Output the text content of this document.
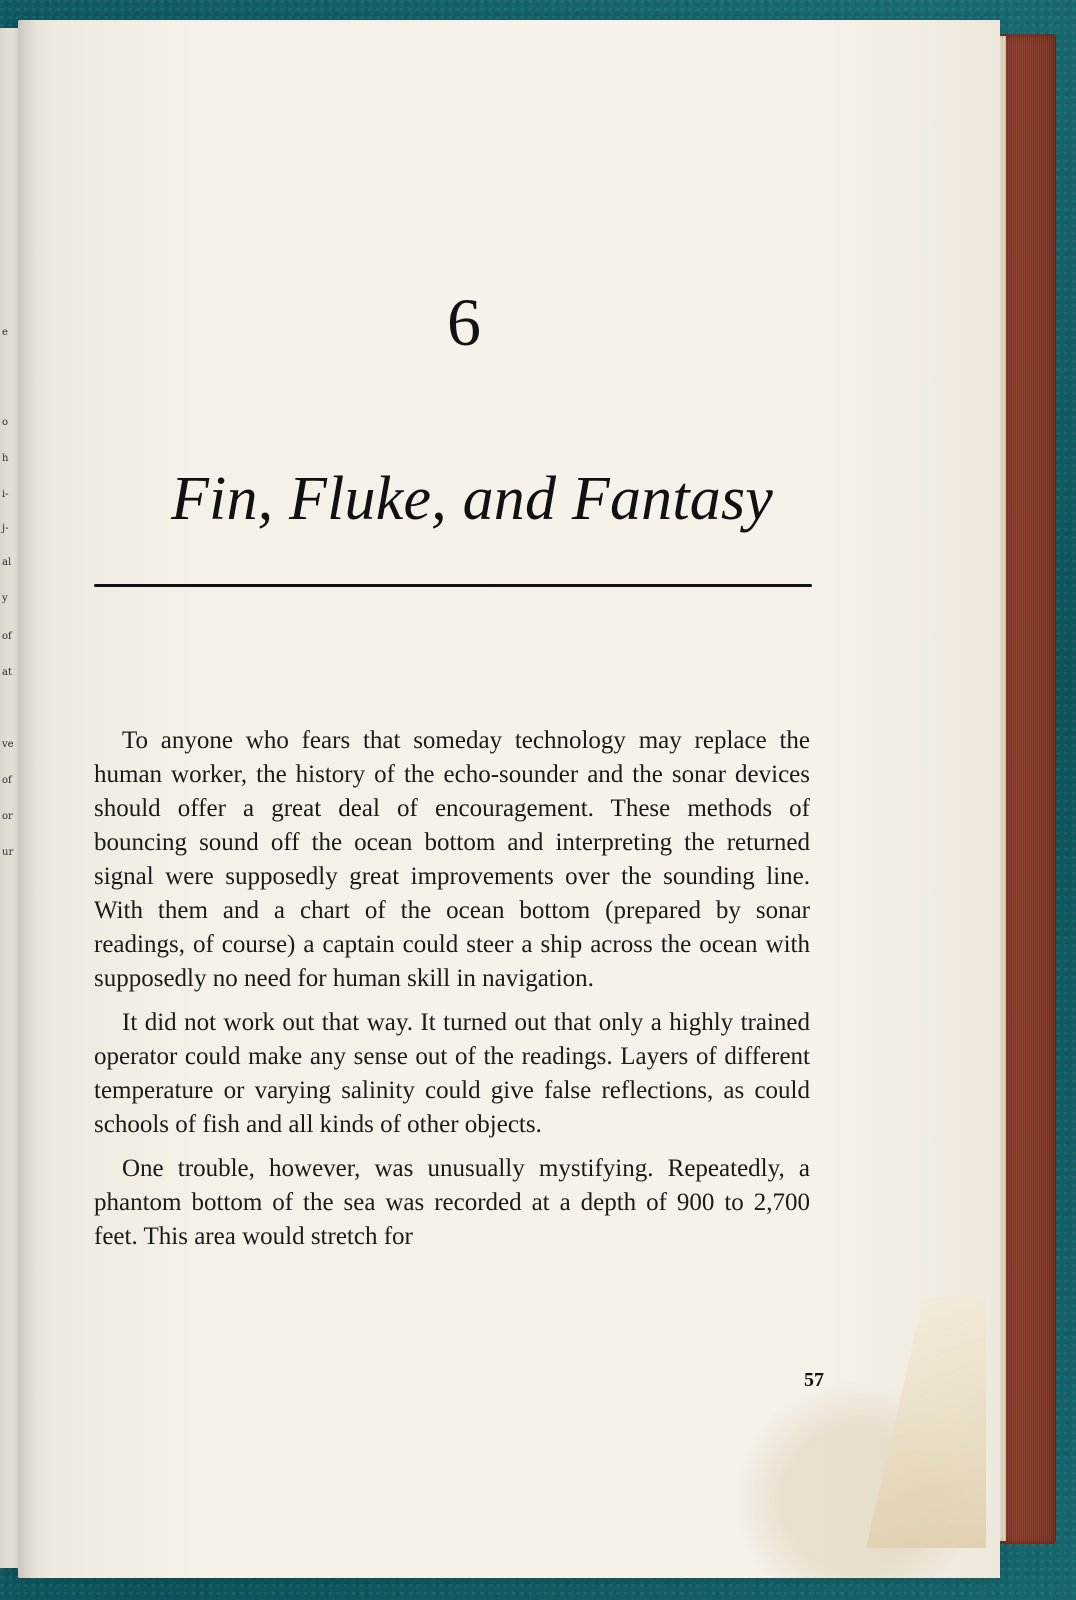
e
o
h
i-
j-
al
y
of
at
ve
of
or
ur
6
Fin, Fluke, and Fantasy

To anyone who fears that someday technology may replace the human worker, the history of the echo-sounder and the sonar devices should offer a great deal of encouragement. These methods of bouncing sound off the ocean bottom and interpreting the returned signal were supposedly great improvements over the sounding line. With them and a chart of the ocean bottom (prepared by sonar readings, of course) a captain could steer a ship across the ocean with supposedly no need for human skill in navigation.

It did not work out that way. It turned out that only a highly trained operator could make any sense out of the readings. Layers of different temperature or varying salinity could give false reflections, as could schools of fish and all kinds of other objects.

One trouble, however, was unusually mystifying. Repeatedly, a phantom bottom of the sea was recorded at a depth of 900 to 2,700 feet. This area would stretch for

57
